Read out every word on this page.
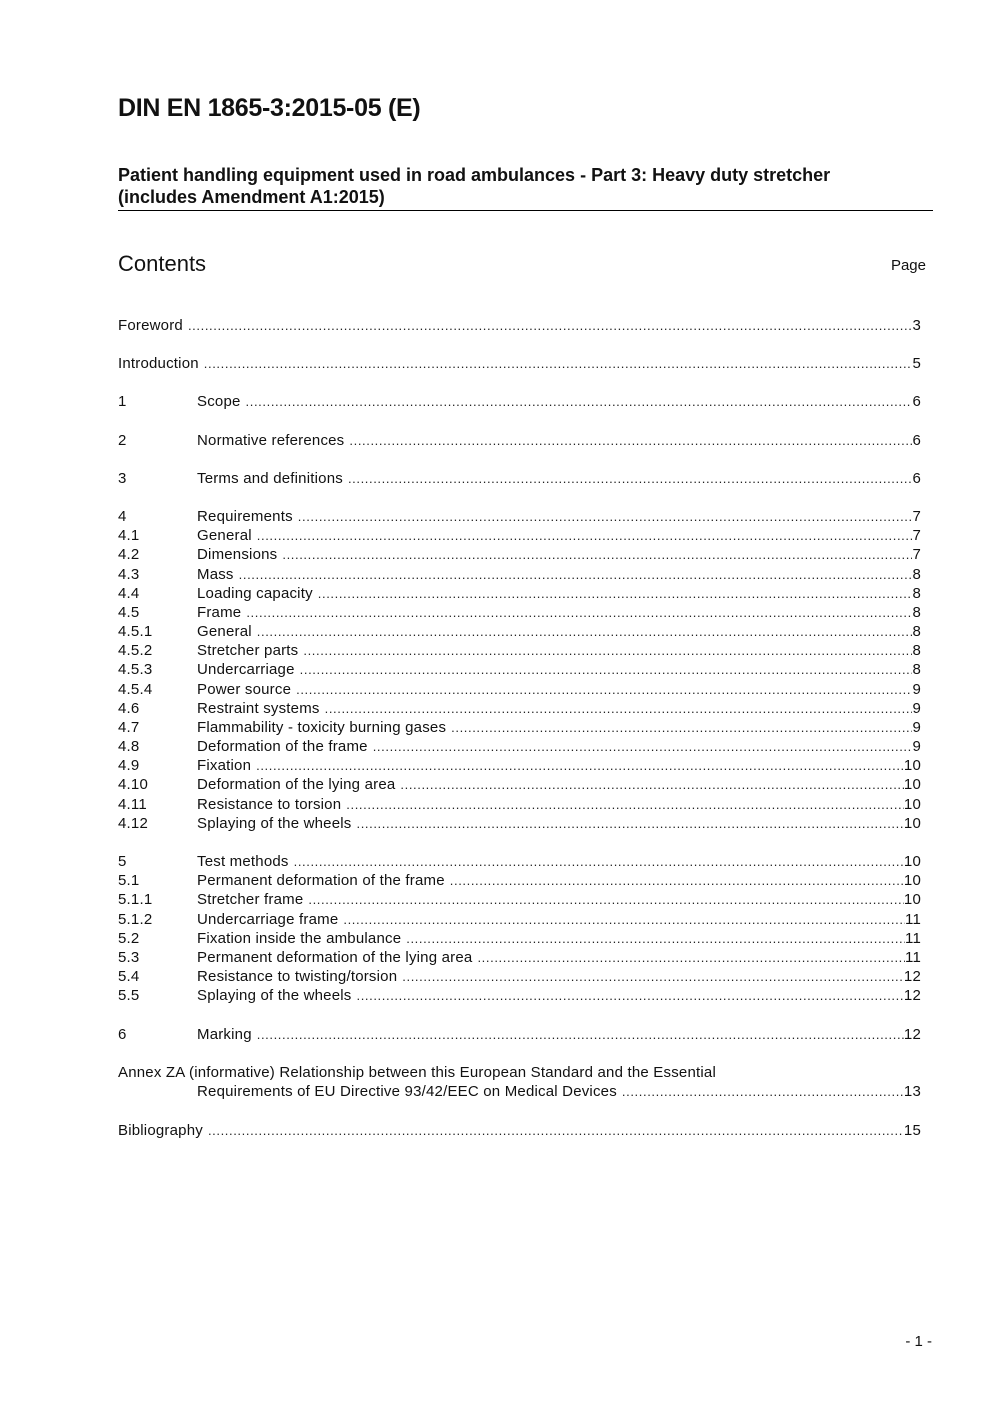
DIN EN 1865-3:2015-05 (E)
Patient handling equipment used in road ambulances - Part 3: Heavy duty stretcher
(includes Amendment A1:2015)
Contents	Page
Annex ZA (informative) Relationship between this European Standard and the Essential
Requirements of EU Directive 93/42/EEC on Medical Devices .....	13
Bibliography .....	15
Foreword .....	3
Introduction .....	5
1	Scope .....	6
2	Normative references .....	6
3	Terms and definitions .....	6
4	Requirements .....	7
4.1	General .....	7
4.2	Dimensions .....	7
4.3	Mass .....	8
4.4	Loading capacity .....	8
4.5	Frame .....	8
4.5.1	General .....	8
4.5.2	Stretcher parts .....	8
4.5.3	Undercarriage .....	8
4.5.4	Power source .....	9
4.6	Restraint systems .....	9
4.7	Flammability - toxicity burning gases .....	9
4.8	Deformation of the frame .....	9
4.9	Fixation .....	10
4.10	Deformation of the lying area .....	10
4.11	Resistance to torsion .....	10
4.12	Splaying of the wheels .....	10
5	Test methods .....	10
5.1	Permanent deformation of the frame .....	10
5.1.1	Stretcher frame .....	10
5.1.2	Undercarriage frame .....	11
5.2	Fixation inside the ambulance .....	11
5.3	Permanent deformation of the lying area .....	11
5.4	Resistance to twisting/torsion .....	12
5.5	Splaying of the wheels .....	12
6	Marking .....	12
- 1 -
